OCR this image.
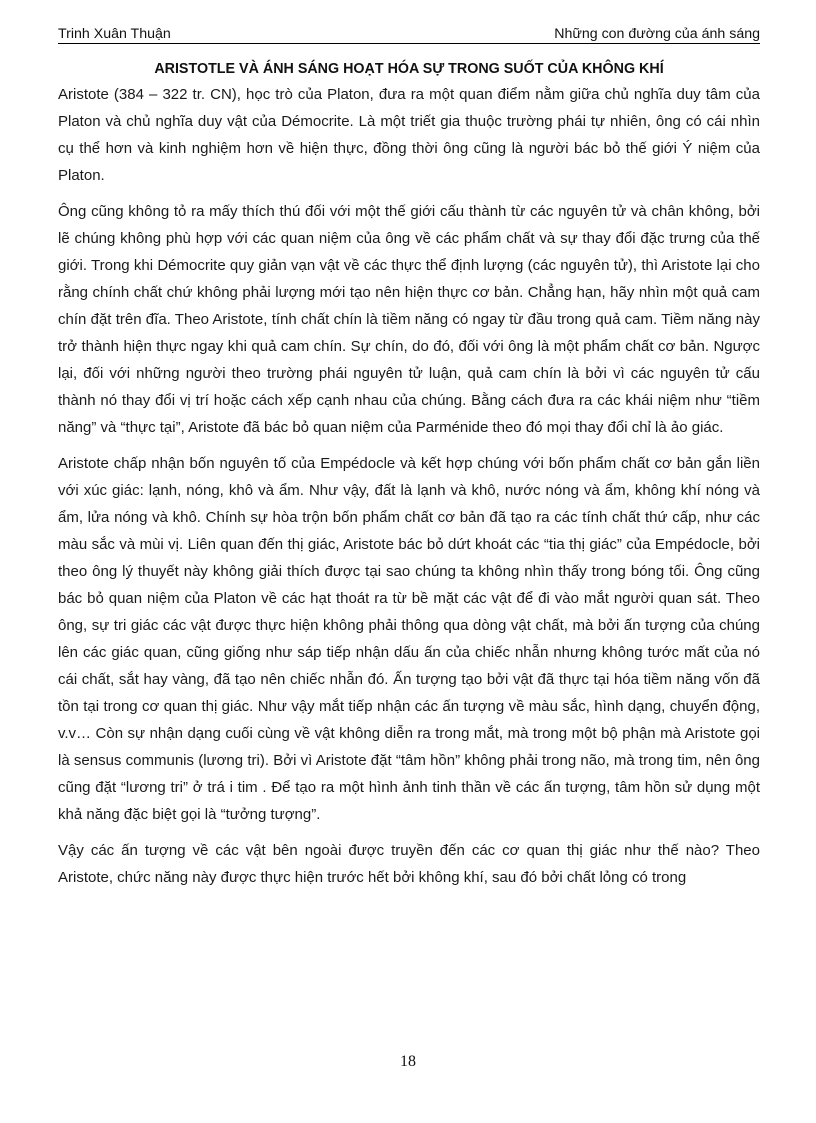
Trinh Xuân Thuận	Những con đường của ánh sáng
ARISTOTLE VÀ ÁNH SÁNG HOẠT HÓA SỰ TRONG SUỐT CỦA KHÔNG KHÍ

Aristote (384 – 322 tr. CN), học trò của Platon, đưa ra một quan điểm nằm giữa chủ nghĩa duy tâm của Platon và chủ nghĩa duy vật của Démocrite. Là một triết gia thuộc trường phái tự nhiên, ông có cái nhìn cụ thể hơn và kinh nghiệm hơn về hiện thực, đồng thời ông cũng là người bác bỏ thế giới Ý niệm của Platon.

Ông cũng không tỏ ra mấy thích thú đối với một thế giới cấu thành từ các nguyên tử và chân không, bởi lẽ chúng không phù hợp với các quan niệm của ông về các phẩm chất và sự thay đổi đặc trưng của thế giới. Trong khi Démocrite quy giản vạn vật về các thực thể định lượng (các nguyên tử), thì Aristote lại cho rằng chính chất chứ không phải lượng mới tạo nên hiện thực cơ bản. Chẳng hạn, hãy nhìn một quả cam chín đặt trên đĩa. Theo Aristote, tính chất chín là tiềm năng có ngay từ đầu trong quả cam. Tiềm năng này trở thành hiện thực ngay khi quả cam chín. Sự chín, do đó, đối với ông là một phẩm chất cơ bản. Ngược lại, đối với những người theo trường phái nguyên tử luận, quả cam chín là bởi vì các nguyên tử cấu thành nó thay đổi vị trí hoặc cách xếp cạnh nhau của chúng. Bằng cách đưa ra các khái niệm như “tiềm năng” và “thực tại”, Aristote đã bác bỏ quan niệm của Parménide theo đó mọi thay đổi chỉ là ảo giác.

Aristote chấp nhận bốn nguyên tố của Empédocle và kết hợp chúng với bốn phẩm chất cơ bản gắn liền với xúc giác: lạnh, nóng, khô và ẩm. Như vậy, đất là lạnh và khô, nước nóng và ẩm, không khí nóng và ẩm, lửa nóng và khô. Chính sự hòa trộn bốn phẩm chất cơ bản đã tạo ra các tính chất thứ cấp, như các màu sắc và mùi vị. Liên quan đến thị giác, Aristote bác bỏ dứt khoát các “tia thị giác” của Empédocle, bởi theo ông lý thuyết này không giải thích được tại sao chúng ta không nhìn thấy trong bóng tối. Ông cũng bác bỏ quan niệm của Platon về các hạt thoát ra từ bề mặt các vật để đi vào mắt người quan sát. Theo ông, sự tri giác các vật được thực hiện không phải thông qua dòng vật chất, mà bởi ấn tượng của chúng lên các giác quan, cũng giống như sáp tiếp nhận dấu ấn của chiếc nhẫn nhưng không tước mất của nó cái chất, sắt hay vàng, đã tạo nên chiếc nhẫn đó. Ấn tượng tạo bởi vật đã thực tại hóa tiềm năng vốn đã tồn tại trong cơ quan thị giác. Như vậy mắt tiếp nhận các ấn tượng về màu sắc, hình dạng, chuyển động, v.v… Còn sự nhận dạng cuối cùng về vật không diễn ra trong mắt, mà trong một bộ phận mà Aristote gọi là sensus communis (lương tri). Bởi vì Aristote đặt “tâm hồn” không phải trong não, mà trong tim, nên ông cũng đặt “lương tri” ở trá i tim . Để tạo ra một hình ảnh tinh thần về các ấn tượng, tâm hồn sử dụng một khả năng đặc biệt gọi là “tưởng tượng”.

Vậy các ấn tượng về các vật bên ngoài được truyền đến các cơ quan thị giác như thế nào? Theo Aristote, chức năng này được thực hiện trước hết bởi không khí, sau đó bởi chất lỏng có trong

18
